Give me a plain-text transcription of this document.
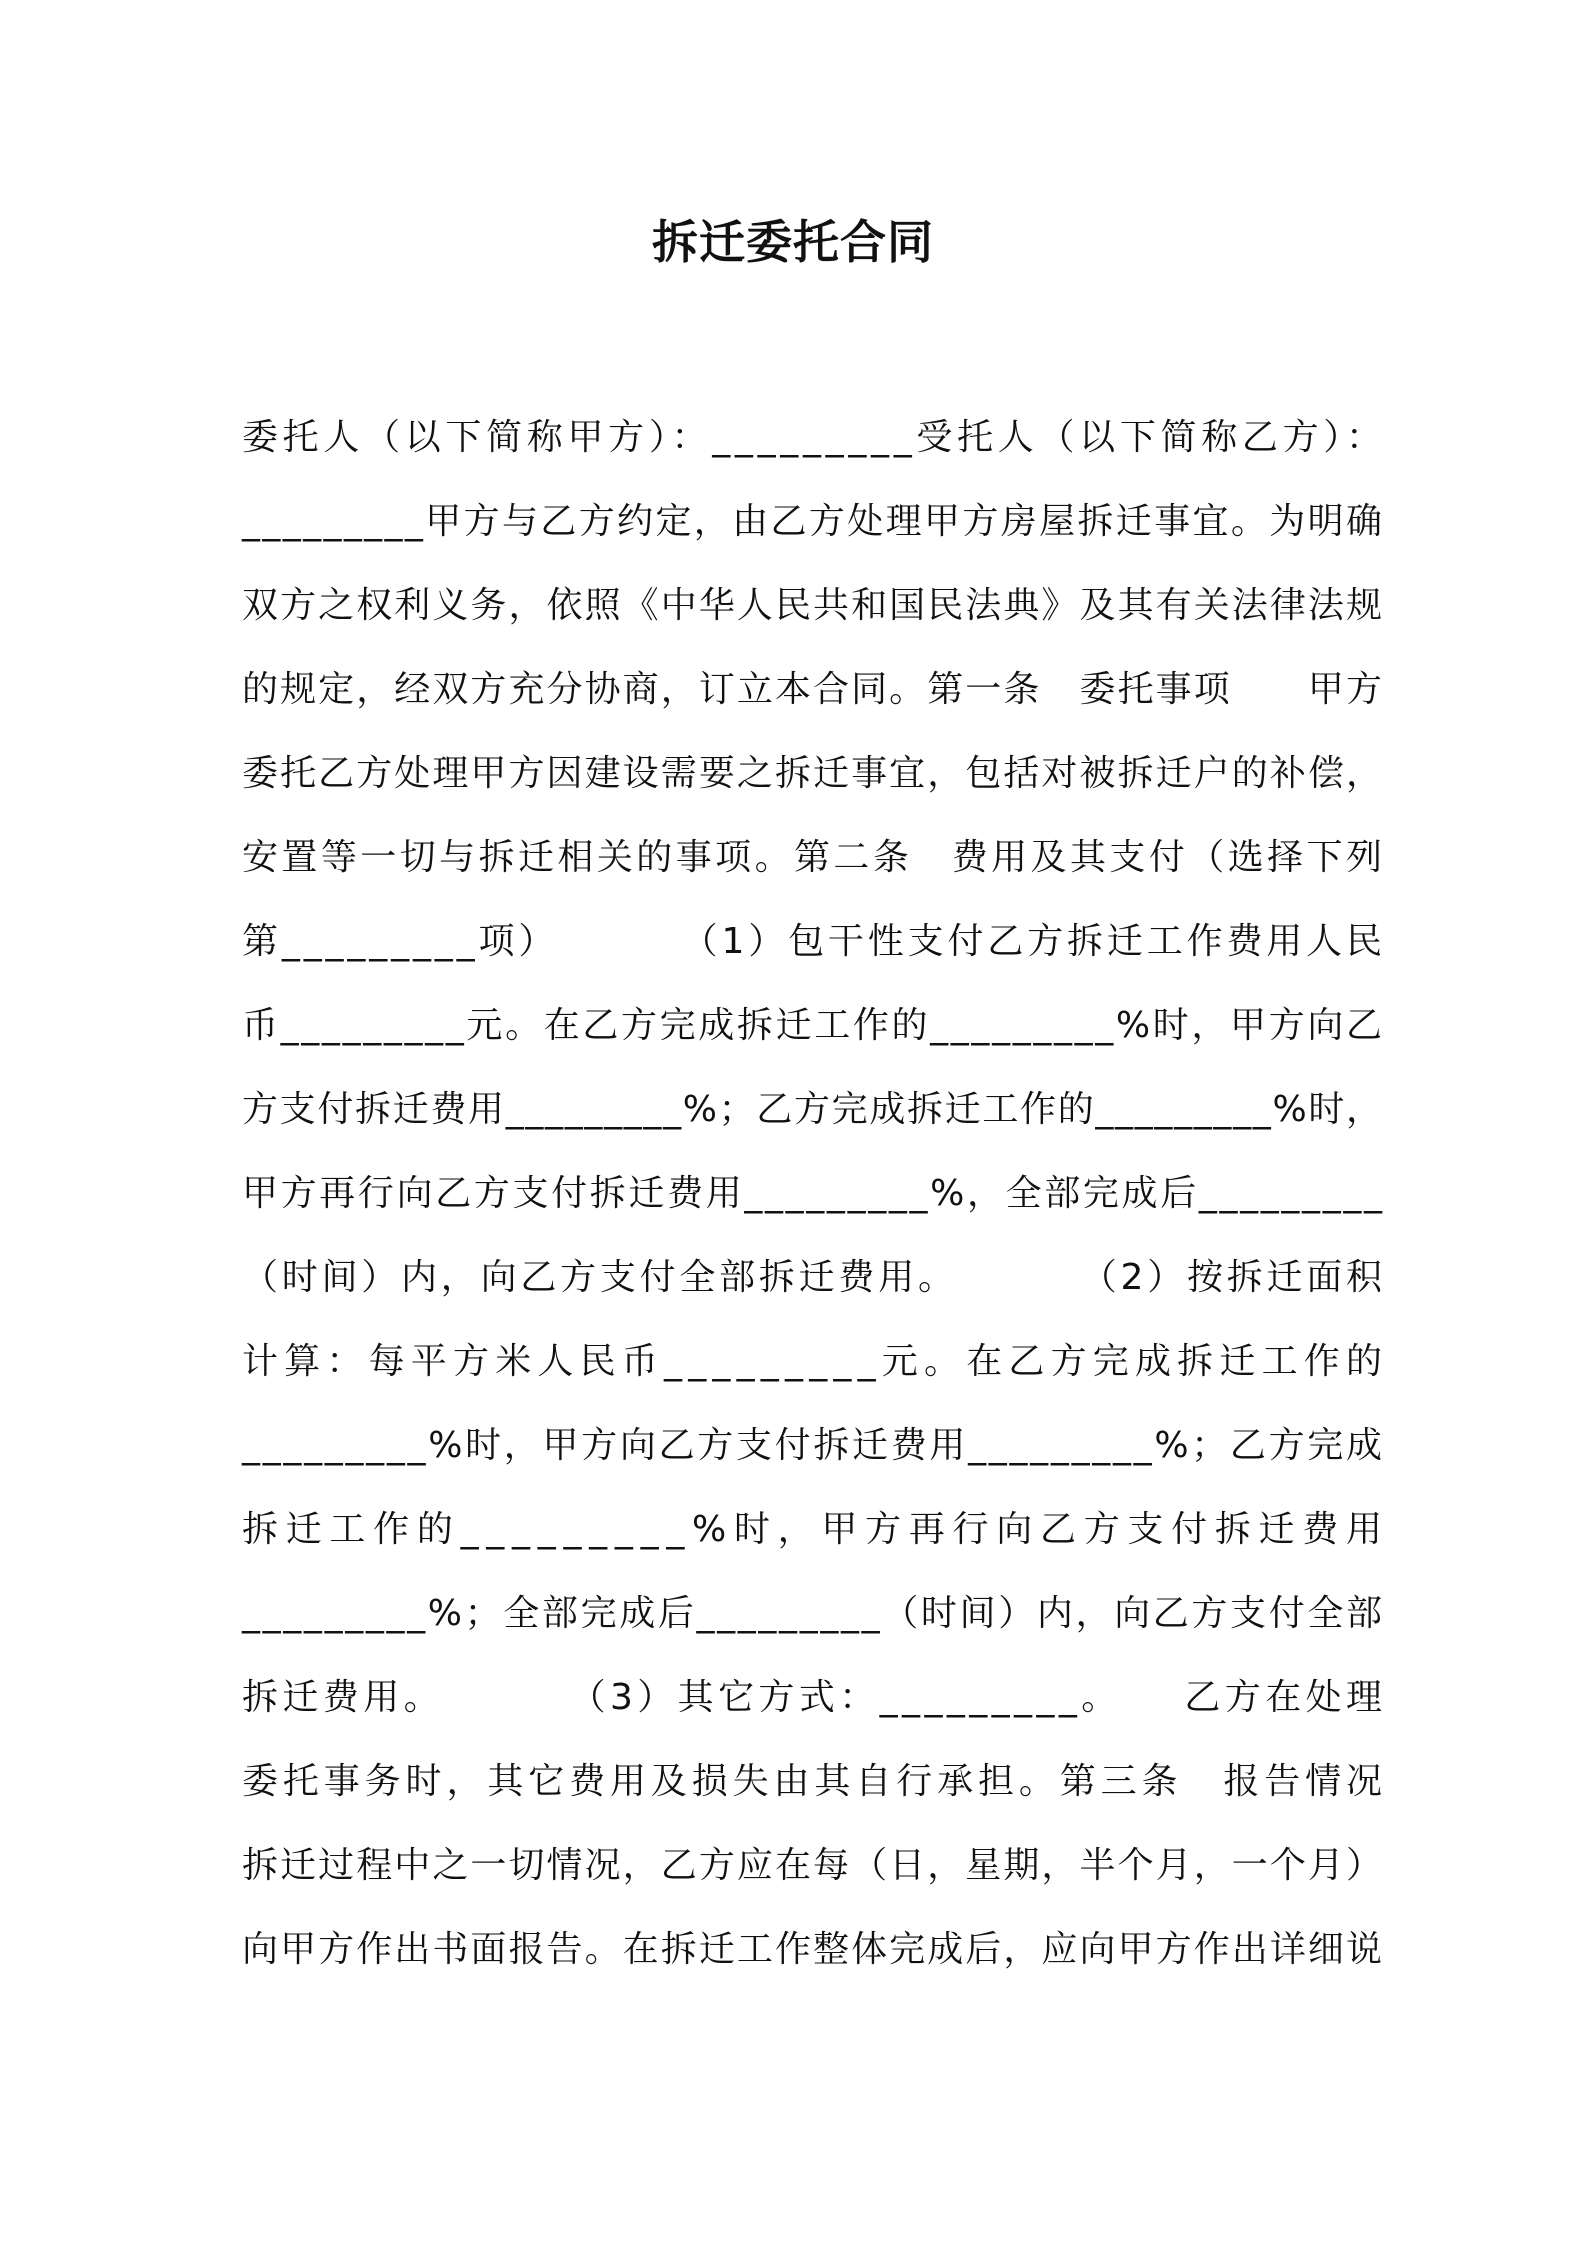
拆迁委托合同
委托人（以下简称甲方）：_________受托人（以下简称乙方）：
_________甲方与乙方约定，由乙方处理甲方房屋拆迁事宜。为明确
双方之权利义务，依照《中华人民共和国民法典》及其有关法律法规
的规定，经双方充分协商，订立本合同。第一条　委托事项　　甲方
委托乙方处理甲方因建设需要之拆迁事宜，包括对被拆迁户的补偿，
安置等一切与拆迁相关的事项。第二条　费用及其支付（选择下列
第_________项）　　　　（1）包干性支付乙方拆迁工作费用人民
币_________元。在乙方完成拆迁工作的_________%时，甲方向乙
方支付拆迁费用_________%；乙方完成拆迁工作的_________%时，
甲方再行向乙方支付拆迁费用_________%，全部完成后_________
（时间）内，向乙方支付全部拆迁费用。　　　　（2）按拆迁面积
计算：每平方米人民币_________元。在乙方完成拆迁工作的
_________%时，甲方向乙方支付拆迁费用_________%；乙方完成
拆迁工作的_________%时，甲方再行向乙方支付拆迁费用
_________%；全部完成后_________（时间）内，向乙方支付全部
拆迁费用。　　　　（3）其它方式：_________。　　乙方在处理
委托事务时，其它费用及损失由其自行承担。第三条　报告情况
拆迁过程中之一切情况，乙方应在每（日，星期，半个月，一个月）
向甲方作出书面报告。在拆迁工作整体完成后，应向甲方作出详细说
